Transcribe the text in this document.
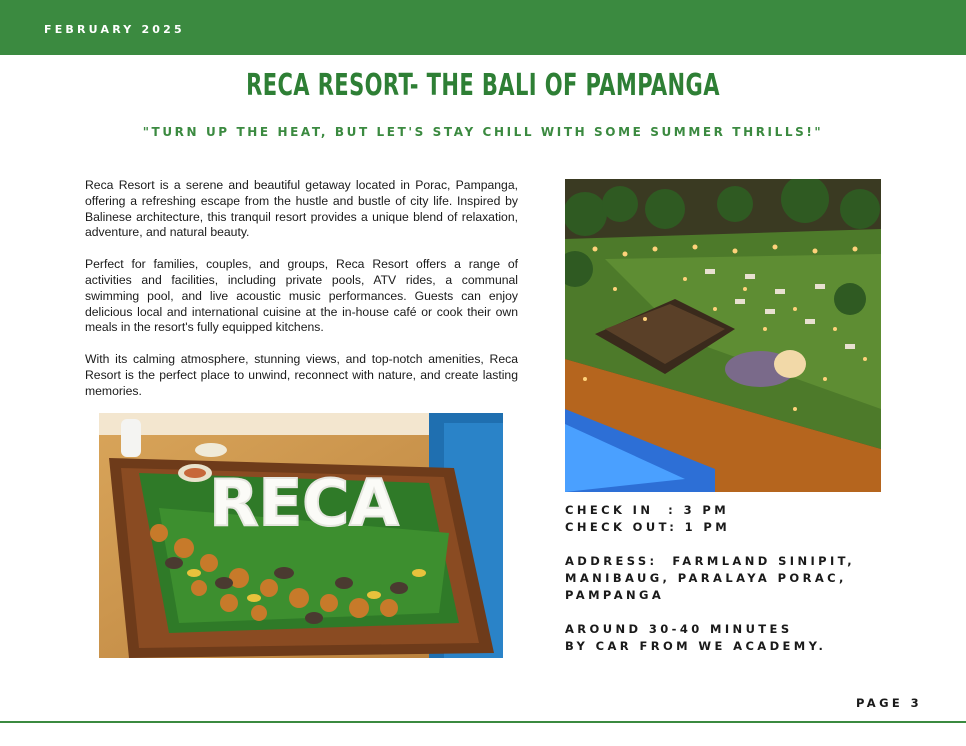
FEBRUARY 2025
RECA RESORT- THE BALI OF PAMPANGA
"TURN UP THE HEAT, BUT LET'S STAY CHILL WITH SOME SUMMER THRILLS!"

Reca Resort is a serene and beautiful getaway located in Porac, Pampanga, offering a refreshing escape from the hustle and bustle of city life. Inspired by Balinese architecture, this tranquil resort provides a unique blend of relaxation, adventure, and natural beauty.

Perfect for families, couples, and groups, Reca Resort offers a range of activities and facilities, including private pools, ATV rides, a communal swimming pool, and live acoustic music performances. Guests can enjoy delicious local and international cuisine at the in-house café or cook their own meals in the resort's fully equipped kitchens.

With its calming atmosphere, stunning views, and top-notch amenities, Reca Resort is the perfect place to unwind, reconnect with nature, and create lasting memories.

RECA	CHECK IN  : 3 PM
CHECK OUT: 1 PM
ADDRESS:  FARMLAND SINIPIT,
MANIBAUG, PARALAYA PORAC,
PAMPANGA
AROUND 30-40 MINUTES
BY CAR FROM WE ACADEMY.
PAGE 3
